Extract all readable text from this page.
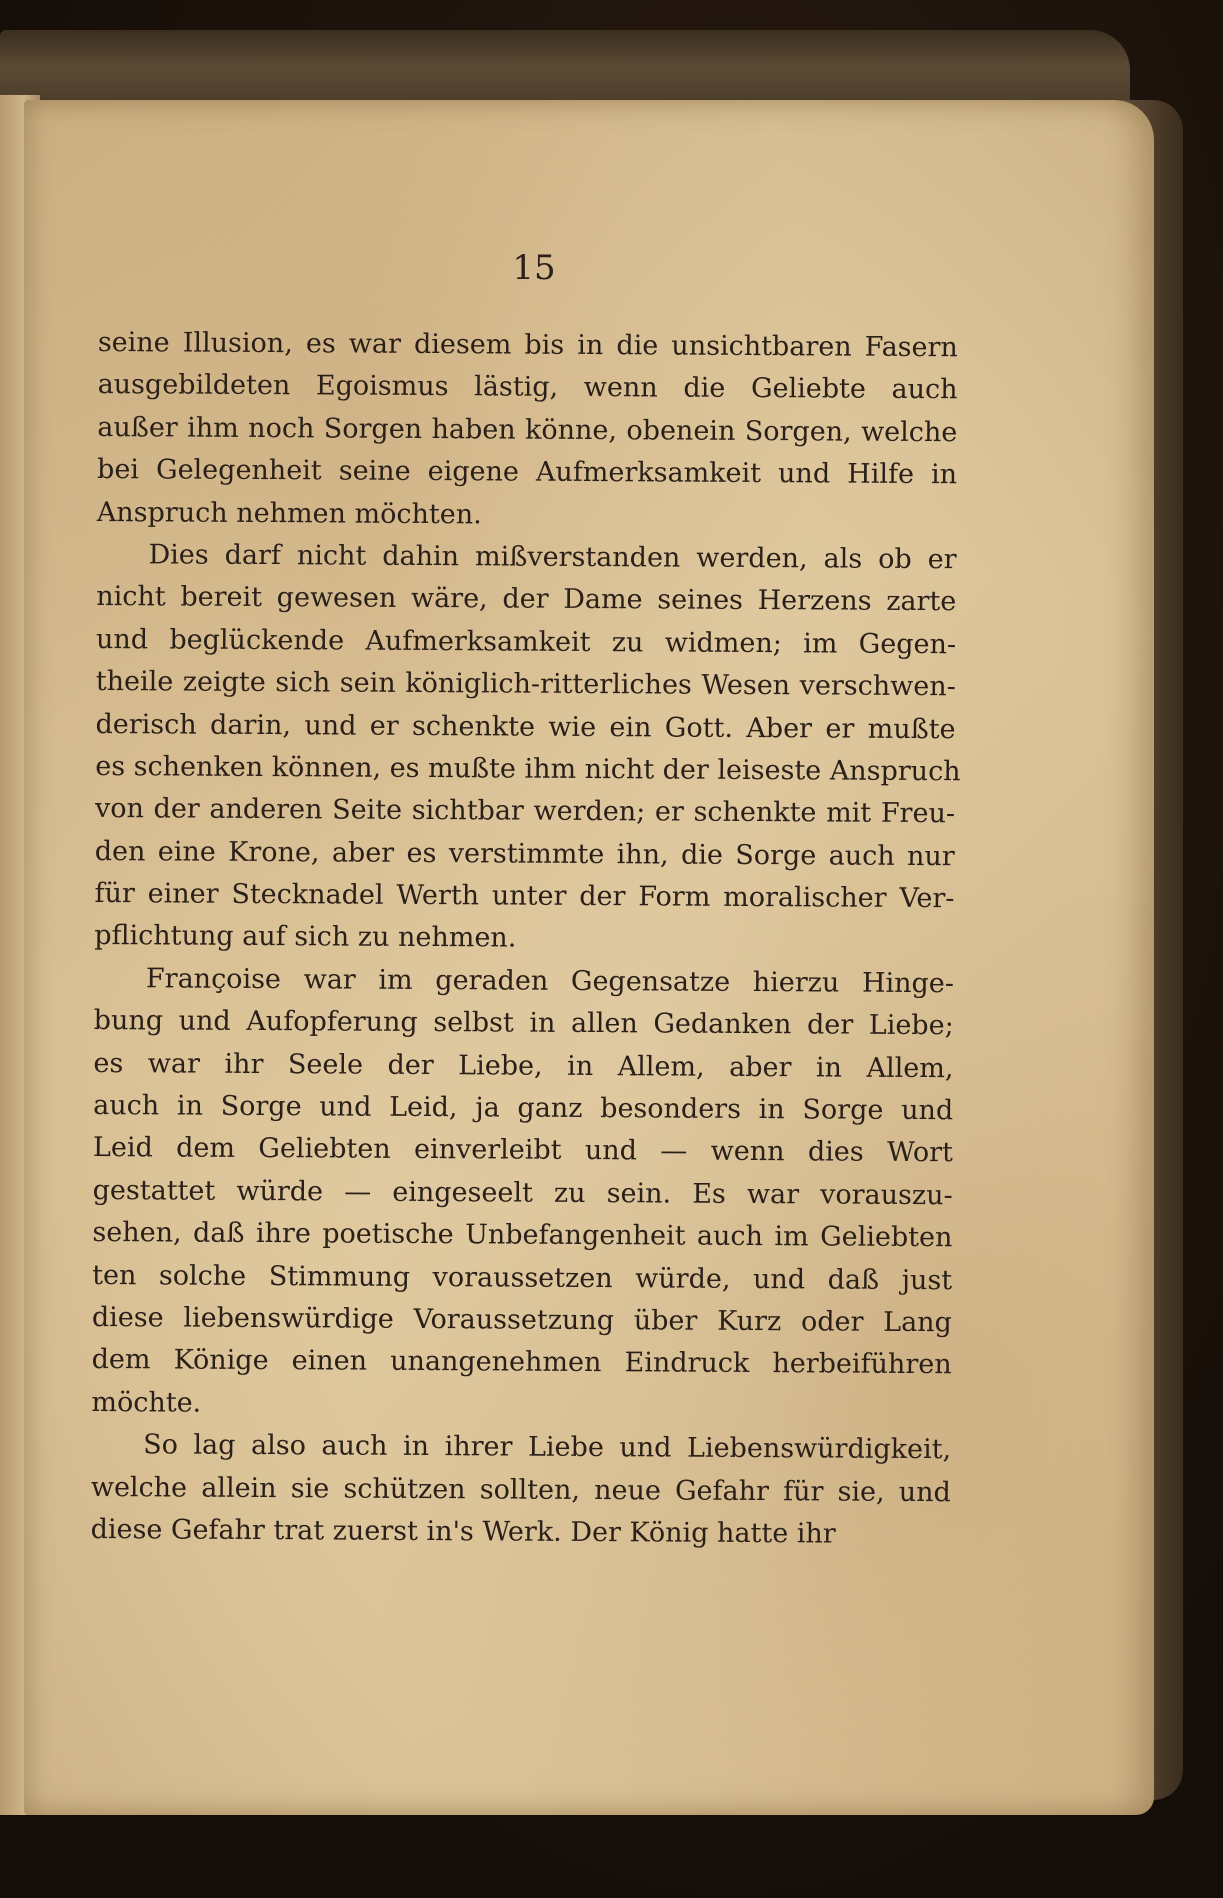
15
seine Illusion, es war diesem bis in die unsichtbaren Fasern
ausgebildeten Egoismus lästig, wenn die Geliebte auch
außer ihm noch Sorgen haben könne, obenein Sorgen, welche
bei Gelegenheit seine eigene Aufmerksamkeit und Hilfe in
Anspruch nehmen möchten.
Dies darf nicht dahin mißverstanden werden, als ob er
nicht bereit gewesen wäre, der Dame seines Herzens zarte
und beglückende Aufmerksamkeit zu widmen; im Gegen-
theile zeigte sich sein königlich-ritterliches Wesen verschwen-
derisch darin, und er schenkte wie ein Gott. Aber er mußte
es schenken können, es mußte ihm nicht der leiseste Anspruch
von der anderen Seite sichtbar werden; er schenkte mit Freu-
den eine Krone, aber es verstimmte ihn, die Sorge auch nur
für einer Stecknadel Werth unter der Form moralischer Ver-
pflichtung auf sich zu nehmen.
Françoise war im geraden Gegensatze hierzu Hinge-
bung und Aufopferung selbst in allen Gedanken der Liebe;
es war ihr Seele der Liebe, in Allem, aber in Allem,
auch in Sorge und Leid, ja ganz besonders in Sorge und
Leid dem Geliebten einverleibt und — wenn dies Wort
gestattet würde — eingeseelt zu sein. Es war vorauszu-
sehen, daß ihre poetische Unbefangenheit auch im Geliebten
ten solche Stimmung voraussetzen würde, und daß just
diese liebenswürdige Voraussetzung über Kurz oder Lang
dem Könige einen unangenehmen Eindruck herbeiführen
möchte.
So lag also auch in ihrer Liebe und Liebenswürdigkeit,
welche allein sie schützen sollten, neue Gefahr für sie, und
diese Gefahr trat zuerst in's Werk. Der König hatte ihr
